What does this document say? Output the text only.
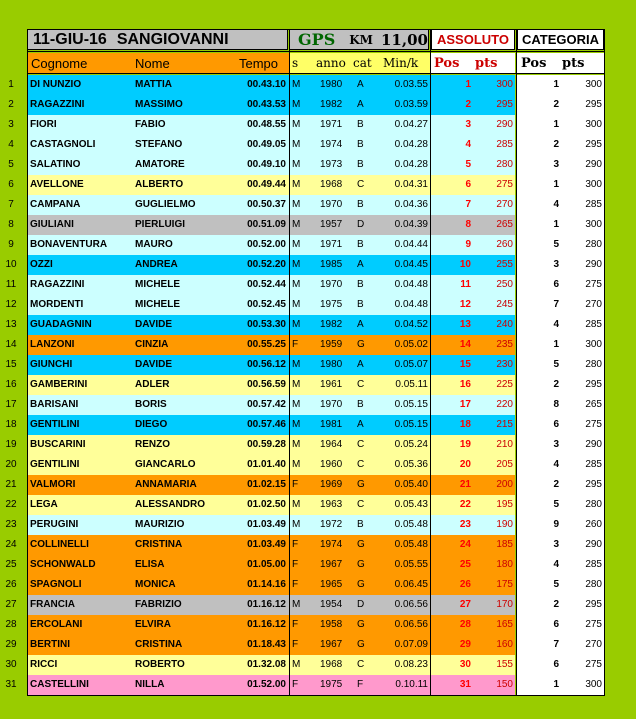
11-GIU-16 SANGIOVANNI	GPS KM 11,00 ASSOLUTO CATEGORIA
Cognome	Nome	Tempo s anno cat Min/k Pos pts Pos pts
1	DI NUNZIO	MATTIA	00.43.10 M 1980 A	0.03.55	1	300	1	300
2	RAGAZZINI	MASSIMO	00.43.53 M 1982 A	0.03.59	2	295	2	295
3	FIORI	FABIO	00.48.55 M 1971 B	0.04.27	3	290	1	300
4	CASTAGNOLI	STEFANO	00.49.05 M 1974 B	0.04.28	4	285	2	295
5	SALATINO	AMATORE	00.49.10 M 1973 B	0.04.28	5	280	3	290
6	AVELLONE	ALBERTO	00.49.44 M 1968 C	0.04.31	6	275	1	300
7	CAMPANA	GUGLIELMO	00.50.37 M 1970 B	0.04.36	7	270	4	285
8	GIULIANI	PIERLUIGI	00.51.09 M 1957 D	0.04.39	8	265	1	300
9	BONAVENTURA	MAURO	00.52.00 M 1971 B	0.04.44	9	260	5	280
10	OZZI	ANDREA	00.52.20 M 1985 A	0.04.45	10	255	3	290
11	RAGAZZINI	MICHELE	00.52.44 M 1970 B	0.04.48	11	250	6	275
12	MORDENTI	MICHELE	00.52.45 M 1975 B	0.04.48	12	245	7	270
13	GUADAGNIN	DAVIDE	00.53.30 M 1982 A	0.04.52	13	240	4	285
14	LANZONI	CINZIA	00.55.25 F 1959 G	0.05.02	14	235	1	300
15	GIUNCHI	DAVIDE	00.56.12 M 1980 A	0.05.07	15	230	5	280
16	GAMBERINI	ADLER	00.56.59 M 1961 C	0.05.11	16	225	2	295
17	BARISANI	BORIS	00.57.42 M 1970 B	0.05.15	17	220	8	265
18	GENTILINI	DIEGO	00.57.46 M 1981 A	0.05.15	18	215	6	275
19	BUSCARINI	RENZO	00.59.28 M 1964 C	0.05.24	19	210	3	290
20	GENTILINI	GIANCARLO	01.01.40 M 1960 C	0.05.36	20	205	4	285
21	VALMORI	ANNAMARIA	01.02.15 F 1969 G	0.05.40	21	200	2	295
22	LEGA	ALESSANDRO	01.02.50 M 1963 C	0.05.43	22	195	5	280
23	PERUGINI	MAURIZIO	01.03.49 M 1972 B	0.05.48	23	190	9	260
24	COLLINELLI	CRISTINA	01.03.49 F 1974 G	0.05.48	24	185	3	290
25	SCHONWALD	ELISA	01.05.00 F 1967 G	0.05.55	25	180	4	285
26	SPAGNOLI	MONICA	01.14.16 F 1965 G	0.06.45	26	175	5	280
27	FRANCIA	FABRIZIO	01.16.12 M 1954 D	0.06.56	27	170	2	295
28	ERCOLANI	ELVIRA	01.16.12 F 1958 G	0.06.56	28	165	6	275
29	BERTINI	CRISTINA	01.18.43 F 1967 G	0.07.09	29	160	7	270
30	RICCI	ROBERTO	01.32.08 M 1968 C	0.08.23	30	155	6	275
31	CASTELLINI	NILLA	01.52.00 F 1975 F	0.10.11	31	150	1	300
